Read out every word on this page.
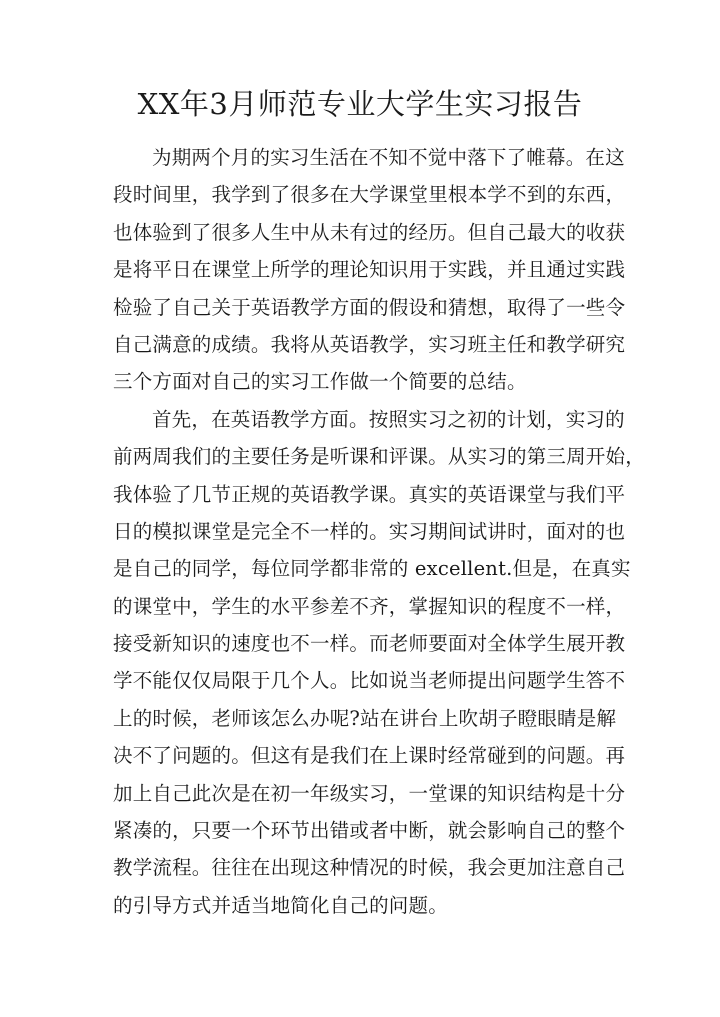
XX年3月师范专业大学生实习报告
为期两个月的实习生活在不知不觉中落下了帷幕。在这
段时间里，我学到了很多在大学课堂里根本学不到的东西，
也体验到了很多人生中从未有过的经历。但自己最大的收获
是将平日在课堂上所学的理论知识用于实践，并且通过实践
检验了自己关于英语教学方面的假设和猜想，取得了一些令
自己满意的成绩。我将从英语教学，实习班主任和教学研究
三个方面对自己的实习工作做一个简要的总结。
首先，在英语教学方面。按照实习之初的计划，实习的
前两周我们的主要任务是听课和评课。从实习的第三周开始，
我体验了几节正规的英语教学课。真实的英语课堂与我们平
日的模拟课堂是完全不一样的。实习期间试讲时，面对的也
是自己的同学，每位同学都非常的 excellent.但是，在真实
的课堂中，学生的水平参差不齐，掌握知识的程度不一样，
接受新知识的速度也不一样。而老师要面对全体学生展开教
学不能仅仅局限于几个人。比如说当老师提出问题学生答不
上的时候，老师该怎么办呢?站在讲台上吹胡子瞪眼睛是解
决不了问题的。但这有是我们在上课时经常碰到的问题。再
加上自己此次是在初一年级实习，一堂课的知识结构是十分
紧凑的，只要一个环节出错或者中断，就会影响自己的整个
教学流程。往往在出现这种情况的时候，我会更加注意自己
的引导方式并适当地简化自己的问题。
